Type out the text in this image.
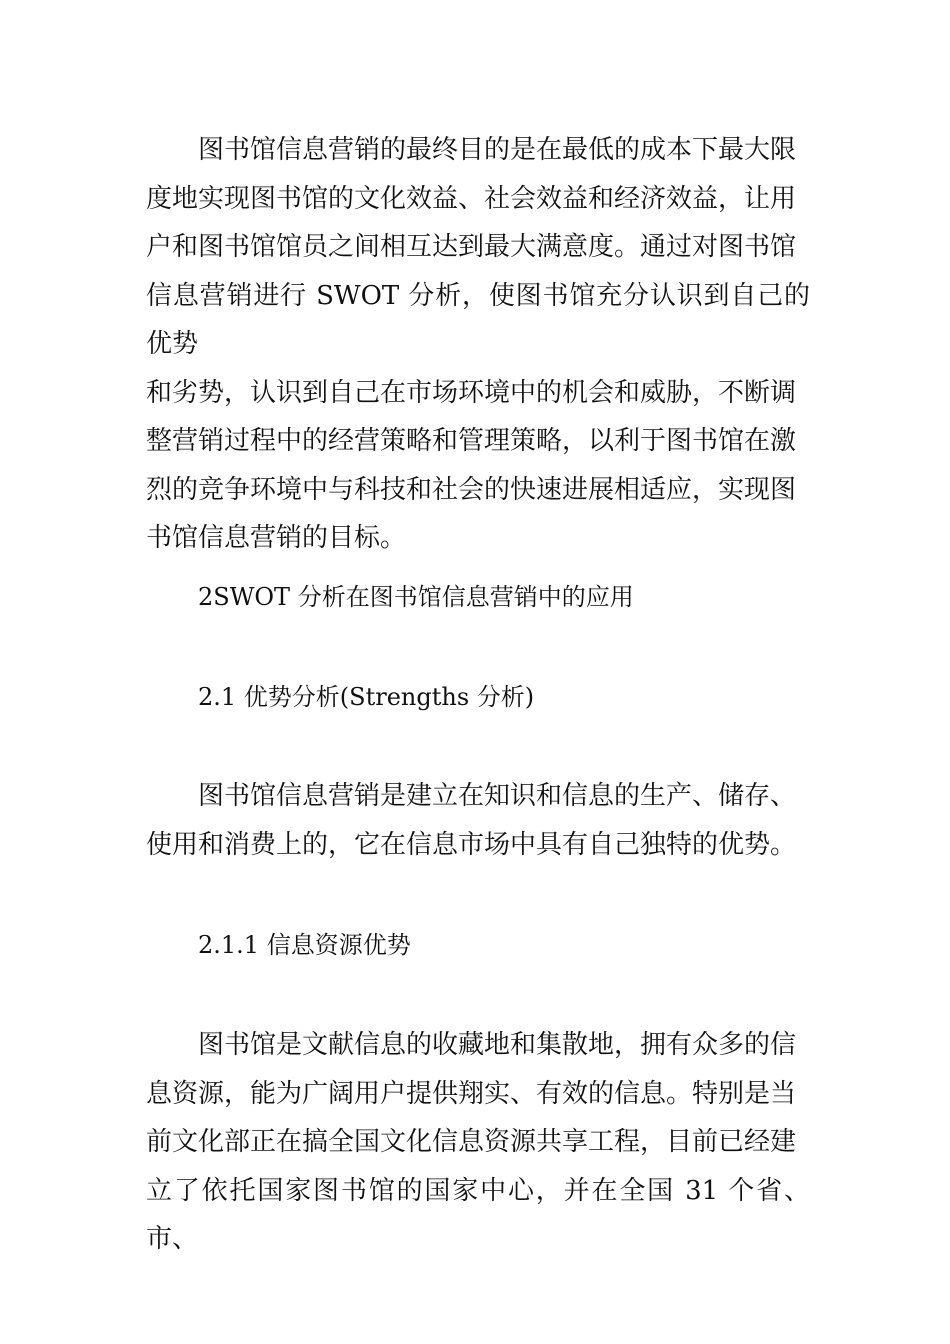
图书馆信息营销的最终目的是在最低的成本下最大限
度地实现图书馆的文化效益、社会效益和经济效益，让用
户和图书馆馆员之间相互达到最大满意度。通过对图书馆
信息营销进行 SWOT 分析，使图书馆充分认识到自己的优势
和劣势，认识到自己在市场环境中的机会和威胁，不断调
整营销过程中的经营策略和管理策略，以利于图书馆在激
烈的竞争环境中与科技和社会的快速进展相适应，实现图
书馆信息营销的目标。
2SWOT 分析在图书馆信息营销中的应用
2.1 优势分析(Strengths 分析)
图书馆信息营销是建立在知识和信息的生产、储存、
使用和消费上的，它在信息市场中具有自己独特的优势。
2.1.1 信息资源优势
图书馆是文献信息的收藏地和集散地，拥有众多的信
息资源，能为广阔用户提供翔实、有效的信息。特别是当
前文化部正在搞全国文化信息资源共享工程，目前已经建
立了依托国家图书馆的国家中心，并在全国 31 个省、市、
